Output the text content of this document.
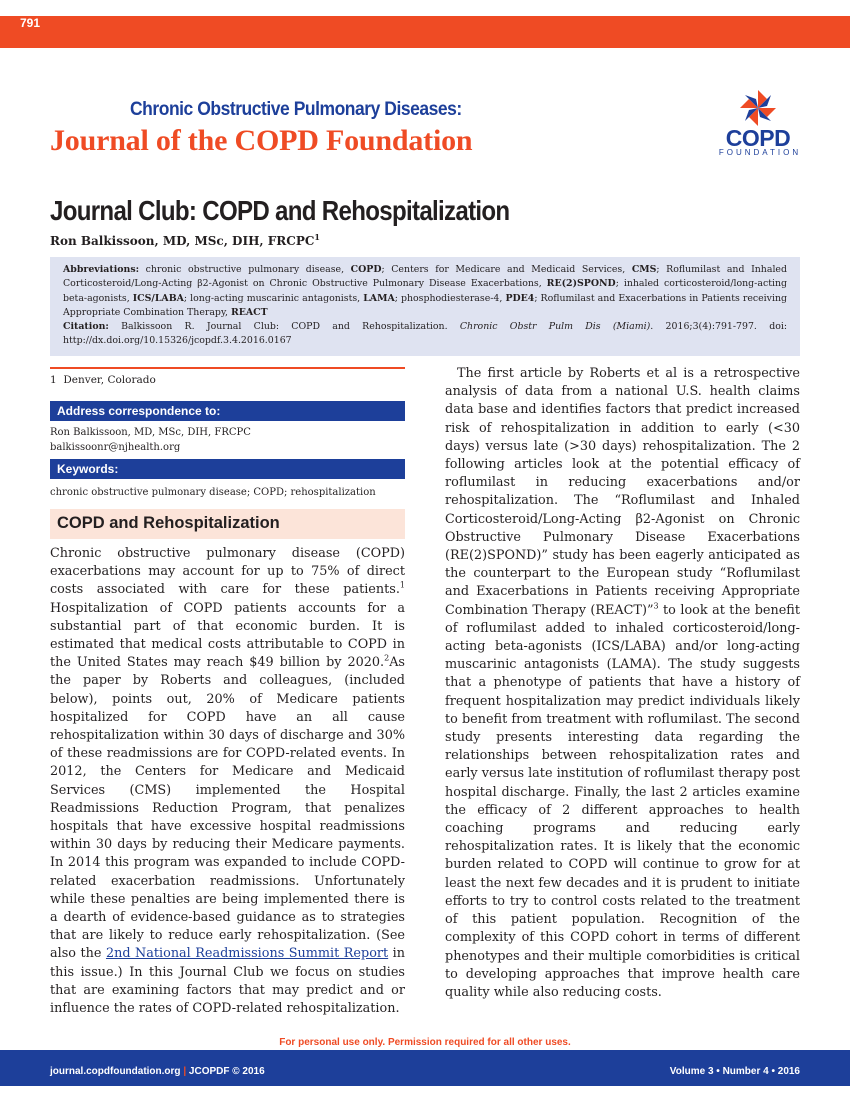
791
Chronic Obstructive Pulmonary Diseases:
Journal of the COPD Foundation	COPD
FOUNDATION
Journal Club: COPD and Rehospitalization
Ron Balkissoon, MD, MSc, DIH, FRCPC$^1$
Abbreviations: chronic obstructive pulmonary disease, COPD; Centers for Medicare and Medicaid Services, CMS; Roflumilast and Inhaled Corticosteroid/Long-Acting β2-Agonist on Chronic Obstructive Pulmonary Disease Exacerbations, RE(2)SPOND; inhaled corticosteroid/long-acting beta-agonists, ICS/LABA; long-acting muscarinic antagonists, LAMA; phosphodiesterase-4, PDE4; Roflumilast and Exacerbations in Patients receiving Appropriate Combination Therapy, REACT
Citation: Balkissoon R. Journal Club: COPD and Rehospitalization. Chronic Obstr Pulm Dis (Miami). 2016;3(4):791-797. doi: http://dx.doi.org/10.15326/jcopdf.3.4.2016.0167
1 Denver, Colorado
Address correspondence to:
Ron Balkissoon, MD, MSc, DIH, FRCPC
balkissoonr@njhealth.org
Keywords:
chronic obstructive pulmonary disease; COPD; rehospitalization
COPD and Rehospitalization
Chronic obstructive pulmonary disease (COPD) exacerbations may account for up to 75% of direct costs associated with care for these patients.$^1$ Hospitalization of COPD patients accounts for a substantial part of that economic burden. It is estimated that medical costs attributable to COPD in the United States may reach $49 billion by 2020.$^2$As the paper by Roberts and colleagues, (included below), points out, 20% of Medicare patients hospitalized for COPD have an all cause rehospitalization within 30 days of discharge and 30% of these readmissions are for COPD-related events. In 2012, the Centers for Medicare and Medicaid Services (CMS) implemented the Hospital Readmissions Reduction Program, that penalizes hospitals that have excessive hospital readmissions within 30 days by reducing their Medicare payments. In 2014 this program was expanded to include COPD-related exacerbation readmissions. Unfortunately while these penalties are being implemented there is a dearth of evidence-based guidance as to strategies that are likely to reduce early rehospitalization. (See also the 2nd National Readmissions Summit Report in this issue.) In this Journal Club we focus on studies that are examining factors that may predict and or influence the rates of COPD-related rehospitalization.
The first article by Roberts et al is a retrospective analysis of data from a national U.S. health claims data base and identifies factors that predict increased risk of rehospitalization in addition to early (<30 days) versus late (>30 days) rehospitalization. The 2 following articles look at the potential efficacy of roflumilast in reducing exacerbations and/or rehospitalization. The “Roflumilast and Inhaled Corticosteroid/Long-Acting β2-Agonist on Chronic Obstructive Pulmonary Disease Exacerbations (RE(2)SPOND)” study has been eagerly anticipated as the counterpart to the European study “Roflumilast and Exacerbations in Patients receiving Appropriate Combination Therapy (REACT)”$^3$ to look at the benefit of roflumilast added to inhaled corticosteroid/long-acting beta-agonists (ICS/LABA) and/or long-acting muscarinic antagonists (LAMA). The study suggests that a phenotype of patients that have a history of frequent hospitalization may predict individuals likely to benefit from treatment with roflumilast. The second study presents interesting data regarding the relationships between rehospitalization rates and early versus late institution of roflumilast therapy post hospital discharge. Finally, the last 2 articles examine the efficacy of 2 different approaches to health coaching programs and reducing early rehospitalization rates. It is likely that the economic burden related to COPD will continue to grow for at least the next few decades and it is prudent to initiate efforts to try to control costs related to the treatment of this patient population. Recognition of the complexity of this COPD cohort in terms of different phenotypes and their multiple comorbidities is critical to developing approaches that improve health care quality while also reducing costs.
For personal use only. Permission required for all other uses.
journal.copdfoundation.org | JCOPDF © 2016	Volume 3 • Number 4 • 2016
